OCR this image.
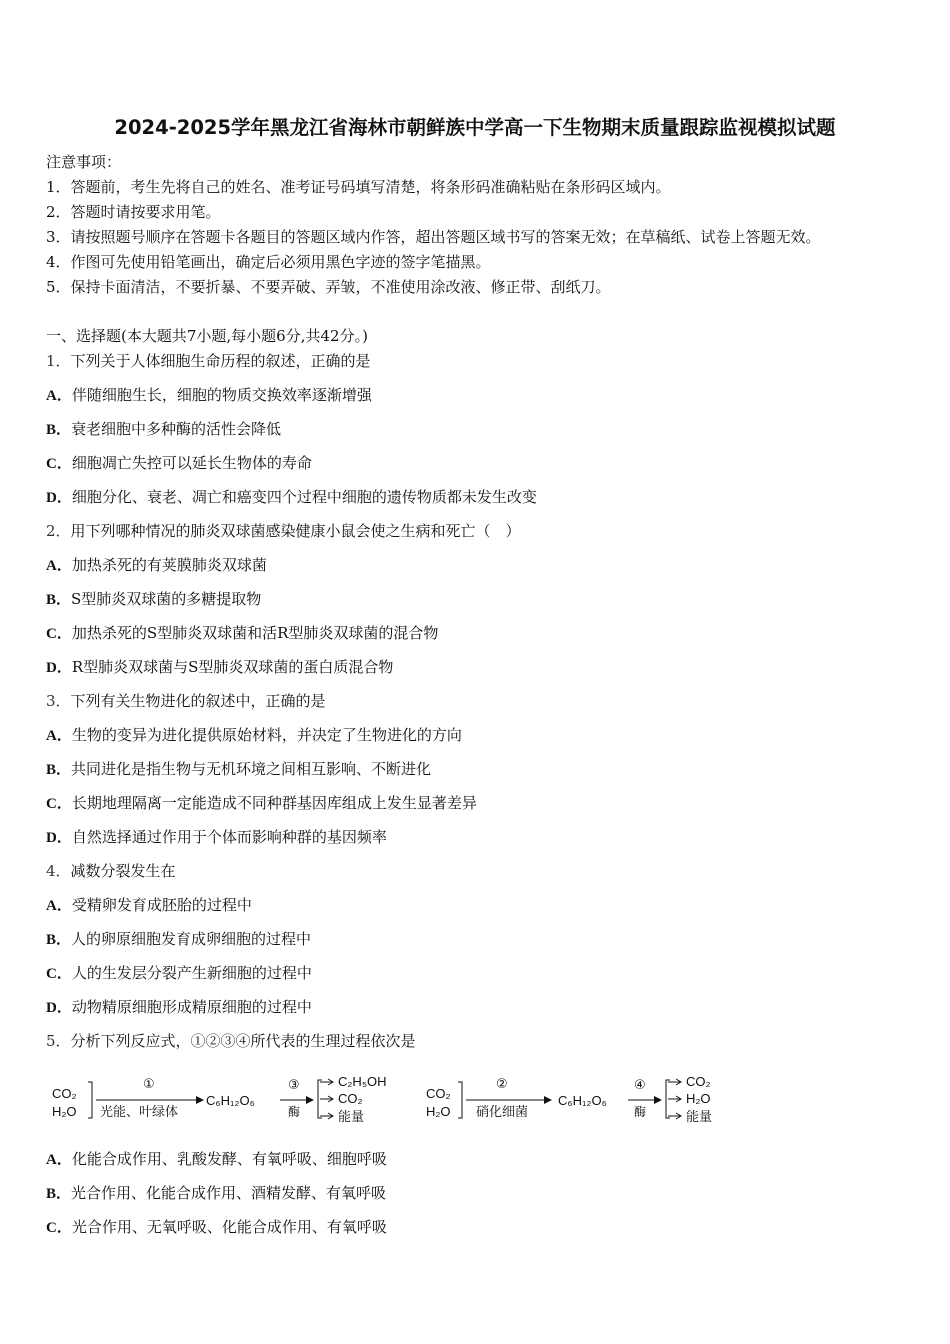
2024-2025学年黑龙江省海林市朝鲜族中学高一下生物期末质量跟踪监视模拟试题
注意事项：
1．答题前，考生先将自己的姓名、准考证号码填写清楚，将条形码准确粘贴在条形码区域内。
2．答题时请按要求用笔。
3．请按照题号顺序在答题卡各题目的答题区域内作答，超出答题区域书写的答案无效；在草稿纸、试卷上答题无效。
4．作图可先使用铅笔画出，确定后必须用黑色字迹的签字笔描黑。
5．保持卡面清洁，不要折暴、不要弄破、弄皱，不准使用涂改液、修正带、刮纸刀。
一、选择题(本大题共7小题,每小题6分,共42分。)
1．下列关于人体细胞生命历程的叙述，正确的是
A．伴随细胞生长，细胞的物质交换效率逐渐增强
B．衰老细胞中多种酶的活性会降低
C．细胞凋亡失控可以延长生物体的寿命
D．细胞分化、衰老、凋亡和癌变四个过程中细胞的遗传物质都未发生改变
2．用下列哪种情况的肺炎双球菌感染健康小鼠会使之生病和死亡（　）
A．加热杀死的有荚膜肺炎双球菌
B．S型肺炎双球菌的多糖提取物
C．加热杀死的S型肺炎双球菌和活R型肺炎双球菌的混合物
D．R型肺炎双球菌与S型肺炎双球菌的蛋白质混合物
3．下列有关生物进化的叙述中，正确的是
A．生物的变异为进化提供原始材料，并决定了生物进化的方向
B．共同进化是指生物与无机环境之间相互影响、不断进化
C．长期地理隔离一定能造成不同种群基因库组成上发生显著差异
D．自然选择通过作用于个体而影响种群的基因频率
4．减数分裂发生在
A．受精卵发育成胚胎的过程中
B．人的卵原细胞发育成卵细胞的过程中
C．人的生发层分裂产生新细胞的过程中
D．动物精原细胞形成精原细胞的过程中
5．分析下列反应式，①②③④所代表的生理过程依次是
CO₂
H₂O
①
光能、叶绿体
C₆H₁₂O₆
③
酶
C₂H₅OH
CO₂
能量
CO₂
H₂O
②
硝化细菌
C₆H₁₂O₆
④
酶
CO₂
H₂O
能量
A．化能合成作用、乳酸发酵、有氧呼吸、细胞呼吸
B．光合作用、化能合成作用、酒精发酵、有氧呼吸
C．光合作用、无氧呼吸、化能合成作用、有氧呼吸
